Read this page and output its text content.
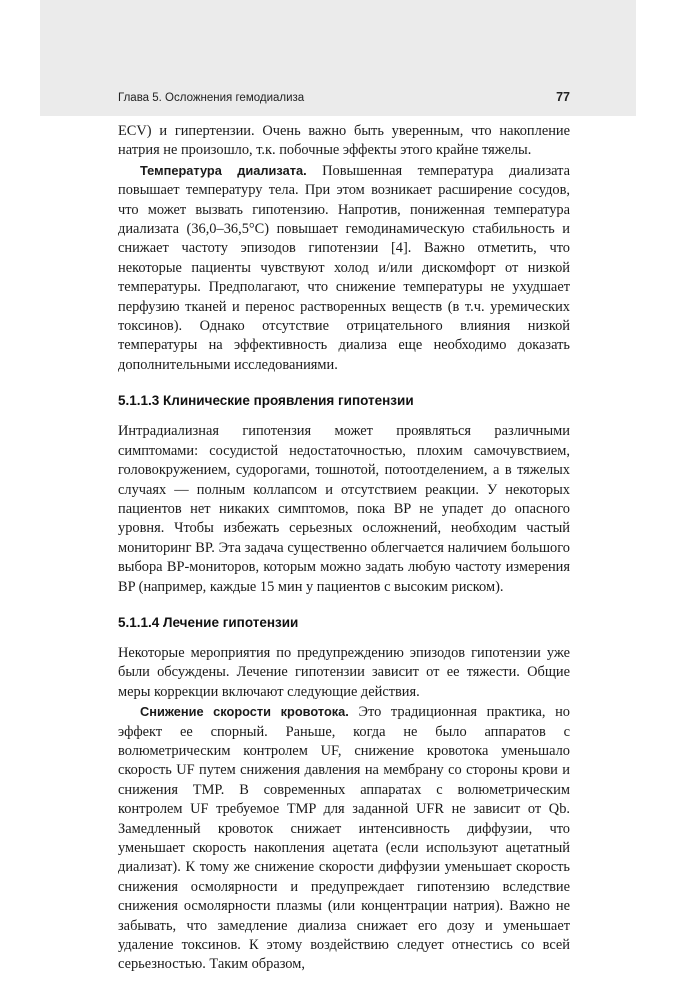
Глава 5. Осложнения гемодиализа	77

ECV) и гипертензии. Очень важно быть уверенным, что накопление натрия не произошло, т.к. побочные эффекты этого крайне тяжелы.

Температура диализата. Повышенная температура диализата повышает температуру тела. При этом возникает расширение сосудов, что может вызвать гипотензию. Напротив, пониженная температура диализата (36,0–36,5°C) повышает гемодинамическую стабильность и снижает частоту эпизодов гипотензии [4]. Важно отметить, что некоторые пациенты чувствуют холод и/или дискомфорт от низкой температуры. Предполагают, что снижение температуры не ухудшает перфузию тканей и перенос растворенных веществ (в т.ч. уремических токсинов). Однако отсутствие отрицательного влияния низкой температуры на эффективность диализа еще необходимо доказать дополнительными исследованиями.

5.1.1.3 Клинические проявления гипотензии

Интрадиализная гипотензия может проявляться различными симптомами: сосудистой недостаточностью, плохим самочувствием, головокружением, судорогами, тошнотой, потоотделением, а в тяжелых случаях — полным коллапсом и отсутствием реакции. У некоторых пациентов нет никаких симптомов, пока BP не упадет до опасного уровня. Чтобы избежать серьезных осложнений, необходим частый мониторинг BP. Эта задача существенно облегчается наличием большого выбора BP-мониторов, которым можно задать любую частоту измерения BP (например, каждые 15 мин у пациентов с высоким риском).

5.1.1.4 Лечение гипотензии

Некоторые мероприятия по предупреждению эпизодов гипотензии уже были обсуждены. Лечение гипотензии зависит от ее тяжести. Общие меры коррекции включают следующие действия.

Снижение скорости кровотока. Это традиционная практика, но эффект ее спорный. Раньше, когда не было аппаратов с волюметрическим контролем UF, снижение кровотока уменьшало скорость UF путем снижения давления на мембрану со стороны крови и снижения TMP. В современных аппаратах с волюметрическим контролем UF требуемое TMP для заданной UFR не зависит от Qb. Замедленный кровоток снижает интенсивность диффузии, что уменьшает скорость накопления ацетата (если используют ацетатный диализат). К тому же снижение скорости диффузии уменьшает скорость снижения осмолярности и предупреждает гипотензию вследствие снижения осмолярности плазмы (или концентрации натрия). Важно не забывать, что замедление диализа снижает его дозу и уменьшает удаление токсинов. К этому воздействию следует отнестись со всей серьезностью. Таким образом,
